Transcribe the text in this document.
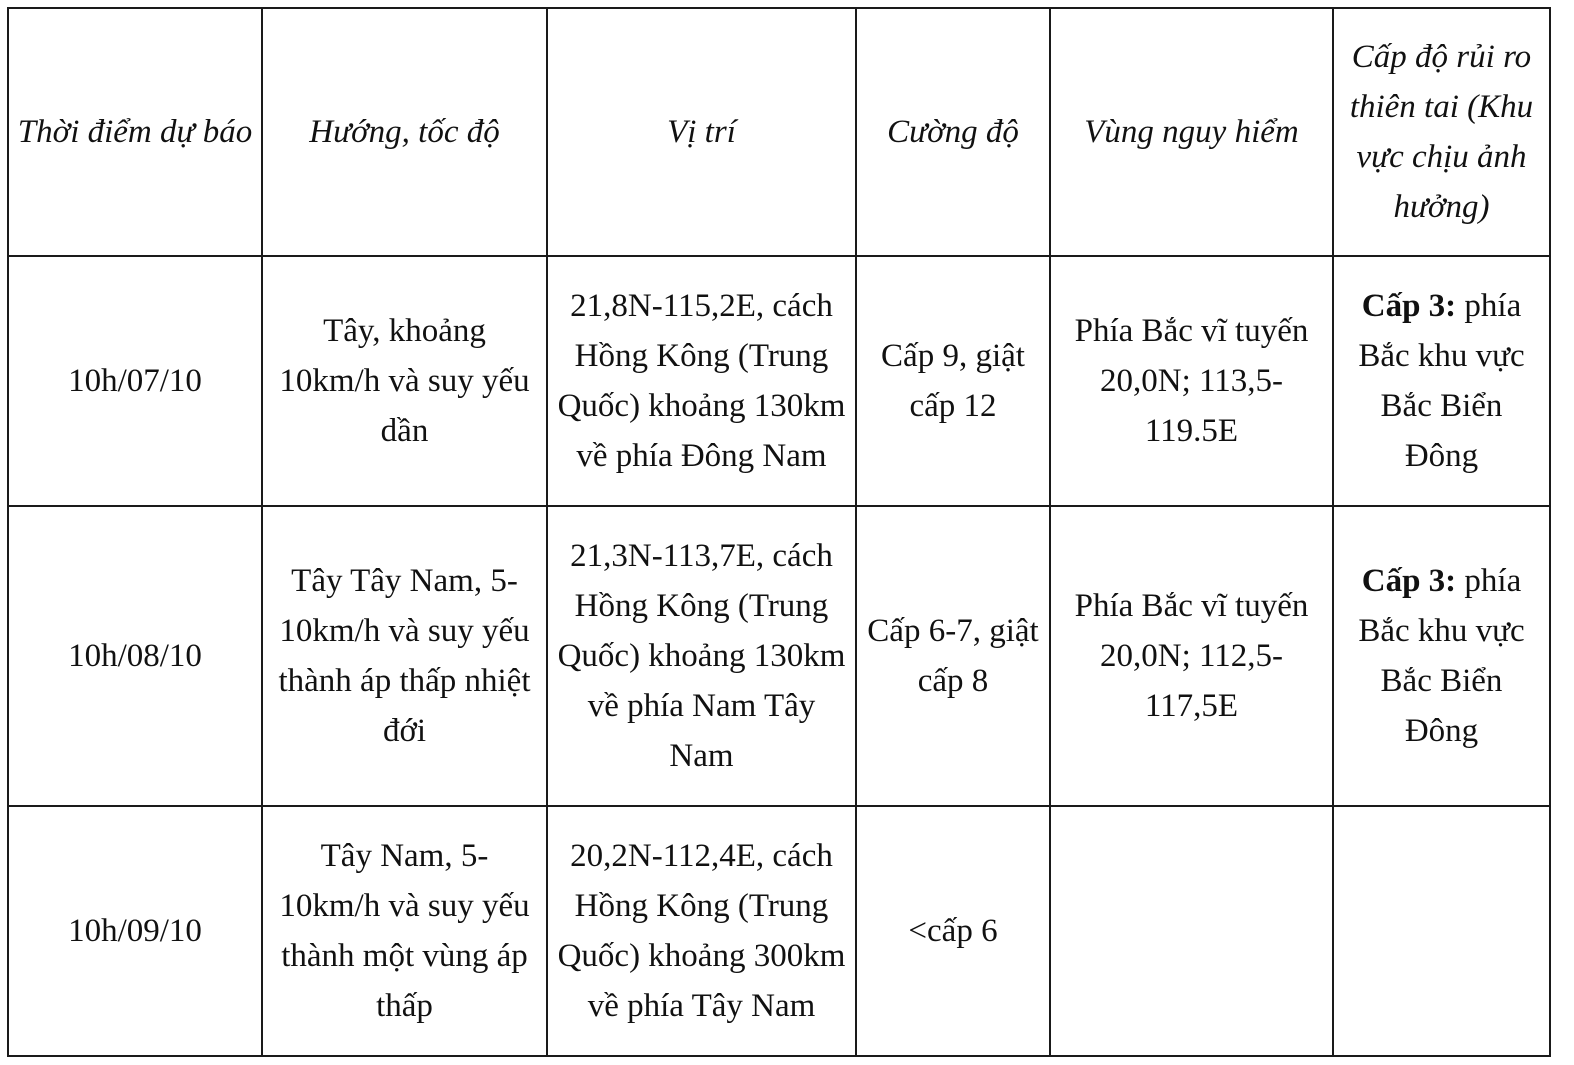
Thời điểm dự báo	Hướng, tốc độ	Vị trí	Cường độ	Vùng nguy hiểm	Cấp độ rủi ro thiên tai (Khu vực chịu ảnh hưởng)
10h/07/10	Tây, khoảng 10km/h và suy yếu dần	21,8N-115,2E, cách Hồng Kông (Trung Quốc) khoảng 130km về phía Đông Nam	Cấp 9, giật cấp 12	Phía Bắc vĩ tuyến 20,0N; 113,5-119.5E	Cấp 3: phía Bắc khu vực Bắc Biển Đông
10h/08/10	Tây Tây Nam, 5-10km/h và suy yếu thành áp thấp nhiệt đới	21,3N-113,7E, cách Hồng Kông (Trung Quốc) khoảng 130km về phía Nam Tây Nam	Cấp 6-7, giật cấp 8	Phía Bắc vĩ tuyến 20,0N; 112,5-117,5E	Cấp 3: phía Bắc khu vực Bắc Biển Đông
10h/09/10	Tây Nam, 5-10km/h và suy yếu thành một vùng áp thấp	20,2N-112,4E, cách Hồng Kông (Trung Quốc) khoảng 300km về phía Tây Nam	<cấp 6		
